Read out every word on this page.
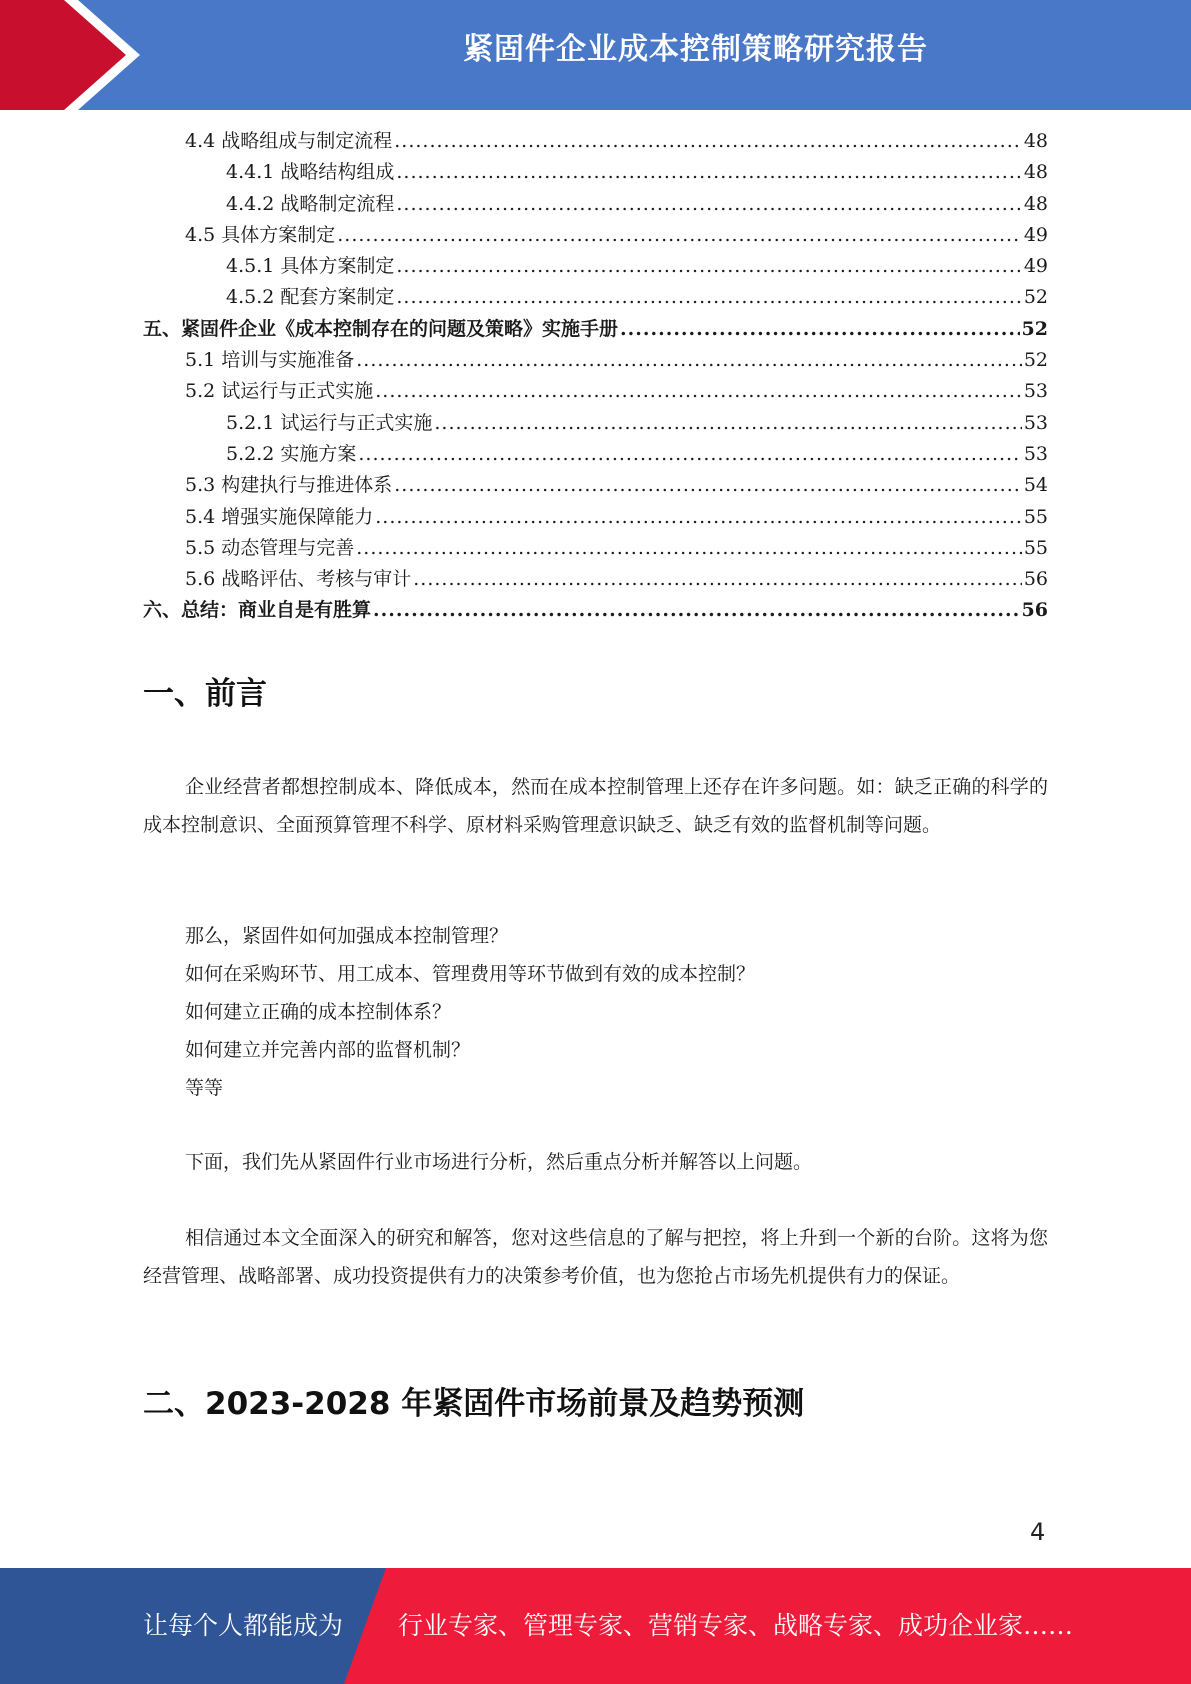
紧固件企业成本控制策略研究报告
4.4 战略组成与制定流程 .....	48
4.4.1 战略结构组成 .....	48
4.4.2 战略制定流程 .....	48
4.5 具体方案制定 .....	49
4.5.1 具体方案制定 .....	49
4.5.2 配套方案制定 .....	52
五、紧固件企业《成本控制存在的问题及策略》实施手册 .....	52
5.1 培训与实施准备 .....	52
5.2 试运行与正式实施 .....	53
5.2.1 试运行与正式实施 .....	53
5.2.2 实施方案 .....	53
5.3 构建执行与推进体系 .....	54
5.4 增强实施保障能力 .....	55
5.5 动态管理与完善 .....	55
5.6 战略评估、考核与审计 .....	56
六、总结：商业自是有胜算 .....	56
一、前言

企业经营者都想控制成本、降低成本，然而在成本控制管理上还存在许多问题。如：缺乏正确的科学的成本控制意识、全面预算管理不科学、原材料采购管理意识缺乏、缺乏有效的监督机制等问题。

那么，紧固件如何加强成本控制管理？

如何在采购环节、用工成本、管理费用等环节做到有效的成本控制？

如何建立正确的成本控制体系？

如何建立并完善内部的监督机制？

等等

下面，我们先从紧固件行业市场进行分析，然后重点分析并解答以上问题。

相信通过本文全面深入的研究和解答，您对这些信息的了解与把控，将上升到一个新的台阶。这将为您经营管理、战略部署、成功投资提供有力的决策参考价值，也为您抢占市场先机提供有力的保证。

二、2023-2028 年紧固件市场前景及趋势预测
4
让每个人都能成为 行业专家、管理专家、营销专家、战略专家、成功企业家……
